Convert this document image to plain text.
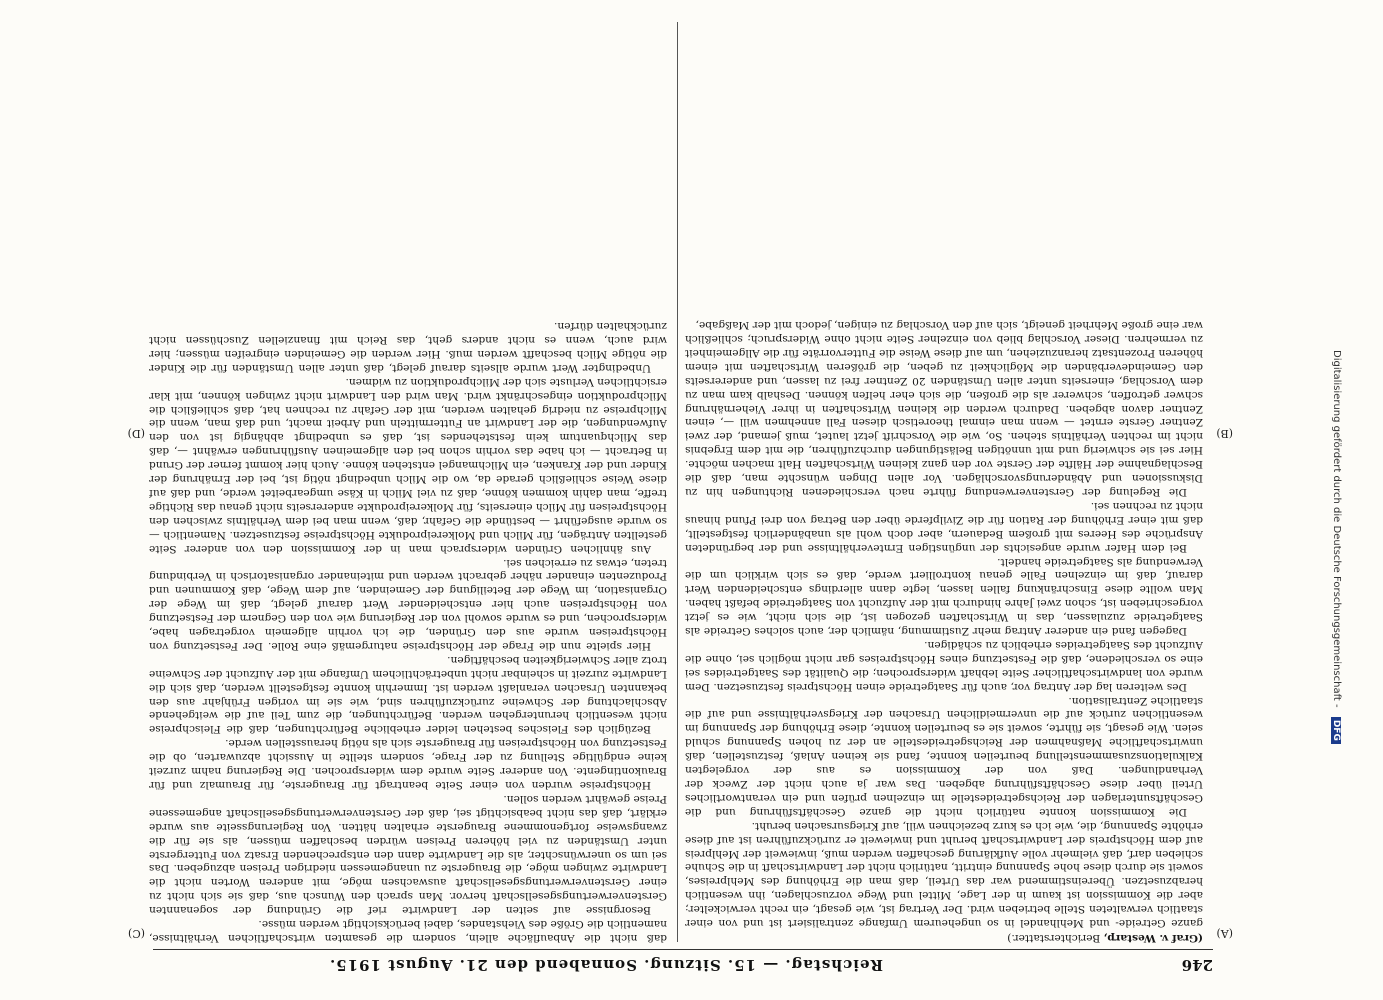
246
Reichstag. — 15. Sitzung. Sonnabend den 21. August 1915.
(A)
(B)
(C)
(D)
(Graf v. Westarp, Berichterstatter.)

ganze Getreide- und Mehlhandel in so ungeheurem Umfange zentralisiert ist und von einer staatlich verwalteten Stelle betrieben wird. Der Vertrag ist, wie gesagt, ein recht verwickelter; aber die Kommission ist kaum in der Lage, Mittel und Wege vorzuschlagen, ihn wesentlich herabzusetzen. Übereinstimmend war das Urteil, daß man die Erhöhung des Mehlpreises, soweit sie durch diese hohe Spannung eintritt, natürlich nicht der Landwirtschaft in die Schuhe schieben darf, daß vielmehr volle Aufklärung geschaffen werden muß, inwieweit der Mehlpreis auf dem Höchstpreis der Landwirtschaft beruht und inwieweit er zurückzuführen ist auf diese erhöhte Spannung, die, wie ich es kurz bezeichnen will, auf Kriegsursachen beruht.

Die Kommission konnte natürlich nicht die ganze Geschäftsführung und die Geschäftsunterlagen der Reichsgetreidestelle im einzelnen prüfen und ein verantwortliches Urteil über diese Geschäftsführung abgeben. Das war ja auch nicht der Zweck der Verhandlungen. Daß von der Kommission es aus der vorgelegten Kalkulationszusammenstellung beurteilen konnte, fand sie keinen Anlaß, festzustellen, daß unwirtschaftliche Maßnahmen der Reichsgetreidestelle an der zu hohen Spannung schuld seien. Wie gesagt, sie führte, soweit sie es beurteilen konnte, diese Erhöhung der Spannung im wesentlichen zurück auf die unvermeidlichen Ursachen der Kriegsverhältnisse und auf die staatliche Zentralisation.

Des weiteren lag der Antrag vor, auch für Saatgetreide einen Höchstpreis festzusetzen. Dem wurde von landwirtschaftlicher Seite lebhaft widersprochen; die Qualität des Saatgetreides sei eine so verschiedene, daß die Festsetzung eines Höchstpreises gar nicht möglich sei, ohne die Aufzucht des Saatgetreides erheblich zu schädigen.

Dagegen fand ein anderer Antrag mehr Zustimmung, nämlich der, auch solches Getreide als Saatgetreide zuzulassen, das in Wirtschaften gezogen ist, die sich nicht, wie es jetzt vorgeschrieben ist, schon zwei Jahre hindurch mit der Aufzucht von Saatgetreide befaßt haben. Man wollte diese Einschränkung fallen lassen, legte dann allerdings entscheidenden Wert darauf, daß im einzelnen Falle genau kontrolliert werde, daß es sich wirklich um die Verwendung als Saatgetreide handelt.

Bei dem Hafer wurde angesichts der ungünstigen Ernteverhältnisse und der begründeten Ansprüche des Heeres mit großem Bedauern, aber doch wohl als unabänderlich festgestellt, daß mit einer Erhöhung der Ration für die Zivilpferde über den Betrag von drei Pfund hinaus nicht zu rechnen sei.

Die Regelung der Gerstenverwendung führte nach verschiedenen Richtungen hin zu Diskussionen und Abänderungsvorschlägen. Vor allen Dingen wünschte man, daß die Beschlagnahme der Hälfte der Gerste vor den ganz kleinen Wirtschaften Halt machen möchte. Hier sei sie schwierig und mit unnötigen Belästigungen durchzuführen, die mit dem Ergebnis nicht im rechten Verhältnis stehen. So, wie die Vorschrift jetzt lautet, muß jemand, der zwei Zentner Gerste erntet — wenn man einmal theoretisch diesen Fall annehmen will —, einen Zentner davon abgeben. Dadurch werden die kleinen Wirtschaften in ihrer Viehernährung schwer getroffen, schwerer als die großen, die sich eher helfen können. Deshalb kam man zu dem Vorschlag, einerseits unter allen Umständen 20 Zentner frei zu lassen, und andererseits den Gemeindeverbänden die Möglichkeit zu geben, die größeren Wirtschaften mit einem höheren Prozentsatz heranzuziehen, um auf diese Weise die Futtervorräte für die Allgemeinheit zu vermehren. Dieser Vorschlag blieb von einzelner Seite nicht ohne Widerspruch; schließlich war eine große Mehrheit geneigt, sich auf den Vorschlag zu einigen, jedoch mit der Maßgabe,

daß nicht die Anbaufläche allein, sondern die gesamten wirtschaftlichen Verhältnisse, namentlich die Größe des Viehstandes, dabei berücksichtigt werden müsse.

Besorgnisse auf seiten der Landwirte rief die Gründung der sogenannten Gerstenverwertungsgesellschaft hervor. Man sprach den Wunsch aus, daß sie sich nicht zu einer Gerstenverwertungsgesellschaft auswachsen möge, mit anderen Worten nicht die Landwirte zwingen möge, die Braugerste zu unangemessen niedrigen Preisen abzugeben. Das sei um so unerwünschter, als die Landwirte dann den entsprechenden Ersatz von Futtergerste unter Umständen zu viel höheren Preisen würden beschaffen müssen, als sie für die zwangsweise fortgenommene Braugerste erhalten hätten. Von Regierungsseite aus wurde erklärt, daß das nicht beabsichtigt sei, daß der Gerstenverwertungsgesellschaft angemessene Preise gewährt werden sollen.

Höchstpreise wurden von einer Seite beantragt für Braugerste, für Braumalz und für Braukontingente. Von anderer Seite wurde dem widersprochen. Die Regierung nahm zurzeit keine endgültige Stellung zu der Frage, sondern stellte in Aussicht abzuwarten, ob die Festsetzung von Höchstpreisen für Braugerste sich als nötig herausstellen werde.

Bezüglich des Fleisches bestehen leider erhebliche Befürchtungen, daß die Fleischpreise nicht wesentlich heruntergehen werden. Befürchtungen, die zum Teil auf die weitgehende Abschlachtung der Schweine zurückzuführen sind, wie sie im vorigen Frühjahr aus den bekannten Ursachen veranlaßt werden ist. Immerhin konnte festgestellt werden, daß sich die Landwirte zurzeit in scheinbar nicht unbeträchtlichem Umfange mit der Aufzucht der Schweine trotz aller Schwierigkeiten beschäftigen.

Hier spielte nun die Frage der Höchstpreise naturgemäß eine Rolle. Der Festsetzung von Höchstpreisen wurde aus den Gründen, die ich vorhin allgemein vorgetragen habe, widersprochen, und es wurde sowohl von der Regierung wie von den Gegnern der Festsetzung von Höchstpreisen auch hier entscheidender Wert darauf gelegt, daß im Wege der Organisation, im Wege der Beteiligung der Gemeinden, auf dem Wege, daß Kommunen und Produzenten einander näher gebracht werden und miteinander organisatorisch in Verbindung treten, etwas zu erreichen sei.

Aus ähnlichen Gründen widersprach man in der Kommission den von anderer Seite gestellten Anträgen, für Milch und Molkereiprodukte Höchstpreise festzusetzen. Namentlich — so wurde ausgeführt — bestünde die Gefahr, daß, wenn man bei dem Verhältnis zwischen den Höchstpreisen für Milch einerseits, für Molkereiprodukte andererseits nicht genau das Richtige treffe, man dahin kommen könne, daß zu viel Milch in Käse umgearbeitet werde, und daß auf diese Weise schließlich gerade da, wo die Milch unbedingt nötig ist, bei der Ernährung der Kinder und der Kranken, ein Milchmangel entstehen könne. Auch hier kommt ferner der Grund in Betracht — ich habe das vorhin schon bei den allgemeinen Ausführungen erwähnt —, daß das Milchquantum kein feststehendes ist, daß es unbedingt abhängig ist von den Aufwendungen, die der Landwirt an Futtermitteln und Arbeit macht, und daß man, wenn die Milchpreise zu niedrig gehalten werden, mit der Gefahr zu rechnen hat, daß schließlich die Milchproduktion eingeschränkt wird. Man wird den Landwirt nicht zwingen können, mit klar ersichtlichen Verluste sich der Milchproduktion zu widmen.

Unbedingter Wert wurde allseits darauf gelegt, daß unter allen Umständen für die Kinder die nötige Milch beschafft werden muß. Hier werden die Gemeinden eingreifen müssen; hier wird auch, wenn es nicht anders geht, das Reich mit finanziellen Zuschüssen nicht zurückhalten dürfen.

Digitalisierung gefördert durch die Deutsche Forschungsgemeinschaft - DFG
